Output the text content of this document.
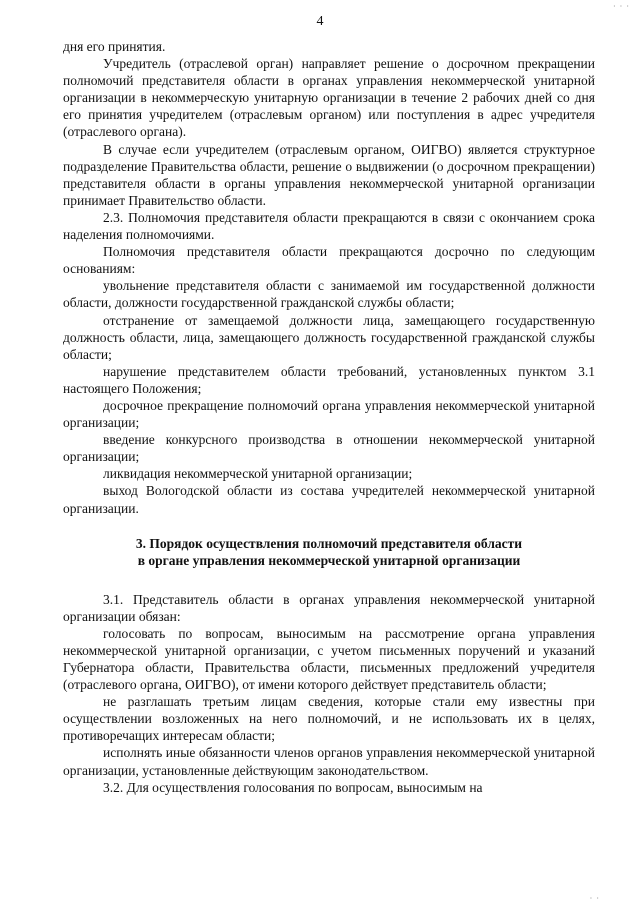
· · ·
4

дня его принятия.

Учредитель (отраслевой орган) направляет решение о досрочном прекращении полномочий представителя области в органах управления некоммерческой унитарной организации в некоммерческую унитарную организации в течение 2 рабочих дней со дня его принятия учредителем (отраслевым органом) или поступления в адрес учредителя (отраслевого органа).

В случае если учредителем (отраслевым органом, ОИГВО) является структурное подразделение Правительства области, решение о выдвижении (о досрочном прекращении) представителя области в органы управления некоммерческой унитарной организации принимает Правительство области.

2.3. Полномочия представителя области прекращаются в связи с окончанием срока наделения полномочиями.

Полномочия представителя области прекращаются досрочно по следующим основаниям:

увольнение представителя области с занимаемой им государственной должности области, должности государственной гражданской службы области;

отстранение от замещаемой должности лица, замещающего государственную должность области, лица, замещающего должность государственной гражданской службы области;

нарушение представителем области требований, установленных пунктом 3.1 настоящего Положения;

досрочное прекращение полномочий органа управления некоммерческой унитарной организации;

введение конкурсного производства в отношении некоммерческой унитарной организации;

ликвидация некоммерческой унитарной организации;

выход Вологодской области из состава учредителей некоммерческой унитарной организации.

3. Порядок осуществления полномочий представителя области
в органе управления некоммерческой унитарной организации

3.1. Представитель области в органах управления некоммерческой унитарной организации обязан:

голосовать по вопросам, выносимым на рассмотрение органа управления некоммерческой унитарной организации, с учетом письменных поручений и указаний Губернатора области, Правительства области, письменных предложений учредителя (отраслевого органа, ОИГВО), от имени которого действует представитель области;

не разглашать третьим лицам сведения, которые стали ему известны при осуществлении возложенных на него полномочий, и не использовать их в целях, противоречащих интересам области;

исполнять иные обязанности членов органов управления некоммерческой унитарной организации, установленные действующим законодательством.

3.2. Для осуществления голосования по вопросам, выносимым на

· ·
